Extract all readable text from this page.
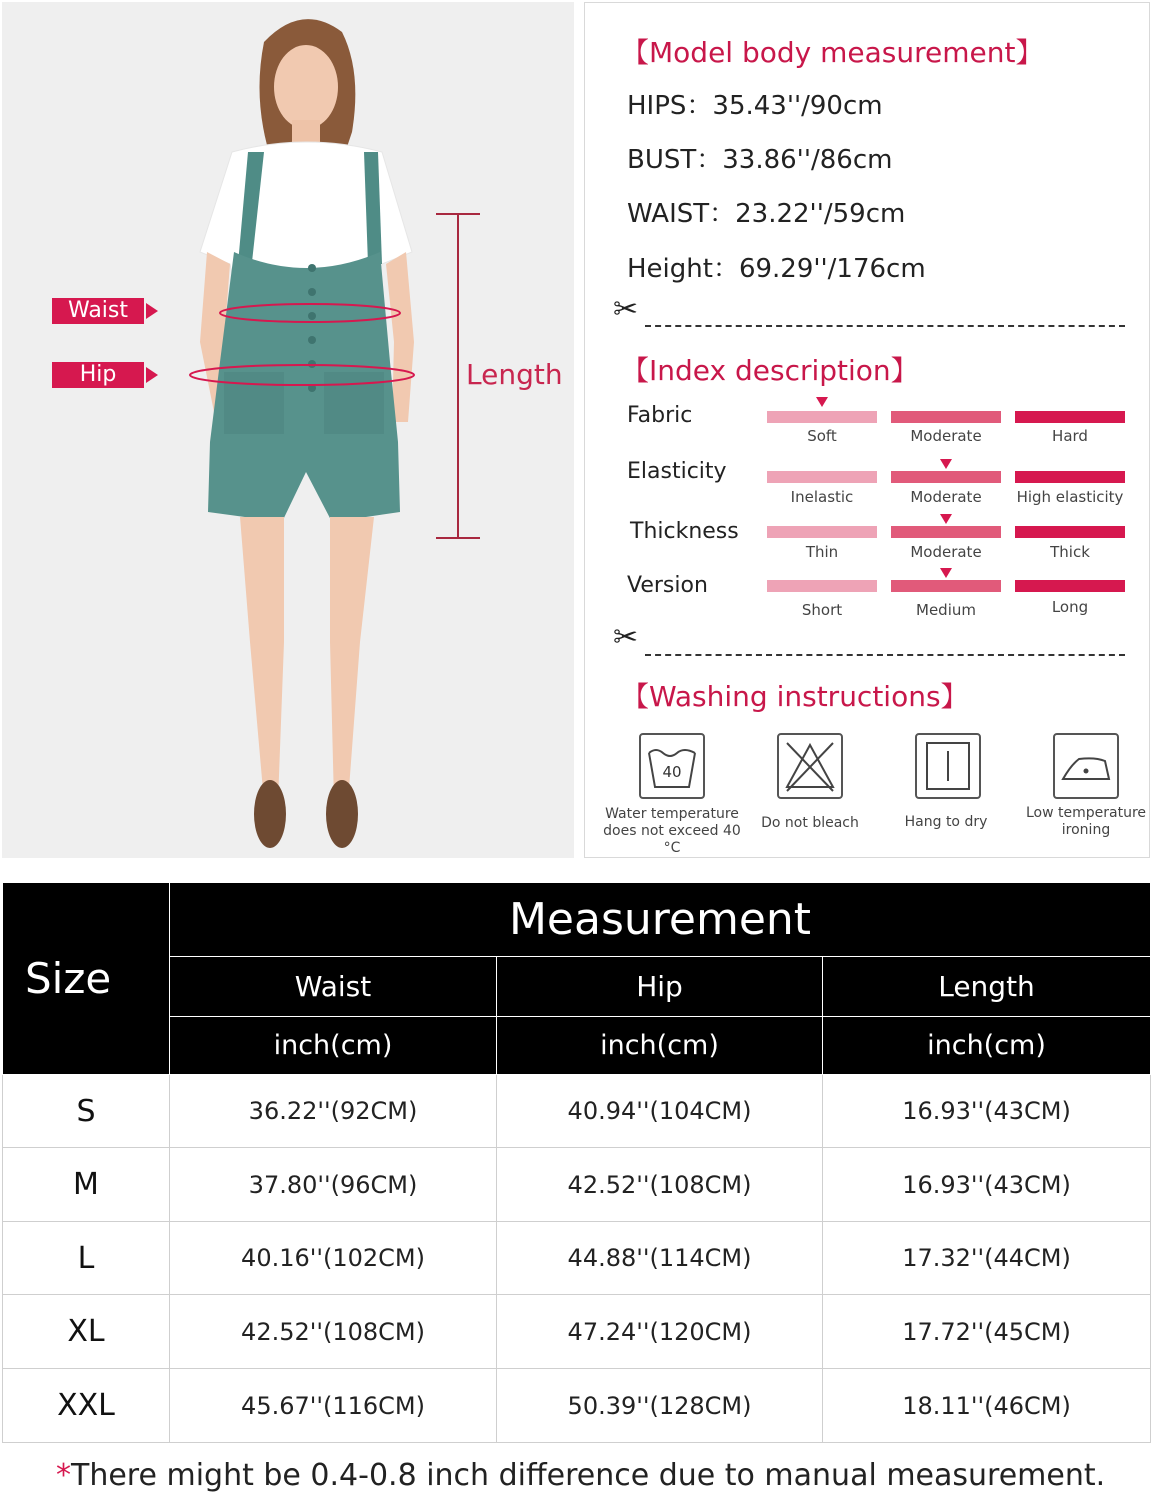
Waist
Hip	Length
【Model body measurement】
HIPS：35.43''/90cm
BUST：33.86''/86cm
WAIST：23.22''/59cm
Height：69.29''/176cm
✂
【Index description】
Fabric
Soft	Moderate	Hard
Elasticity
Inelastic	Moderate	High elasticity
Thickness
Thin	Moderate	Thick
Version
Short	Medium	Long
✂
【Washing instructions】
40
Water temperature
does not exceed 40 °C
Do not bleach	Hang to dry
Low temperature
ironing
Size	Measurement		
	Waist	Hip	Length
	inch(cm)	inch(cm)	inch(cm)
S	36.22''(92CM)	40.94''(104CM)	16.93''(43CM)
M	37.80''(96CM)	42.52''(108CM)	16.93''(43CM)
L	40.16''(102CM)	44.88''(114CM)	17.32''(44CM)
XL	42.52''(108CM)	47.24''(120CM)	17.72''(45CM)
XXL	45.67''(116CM)	50.39''(128CM)	18.11''(46CM)
*There might be 0.4-0.8 inch difference due to manual measurement.
